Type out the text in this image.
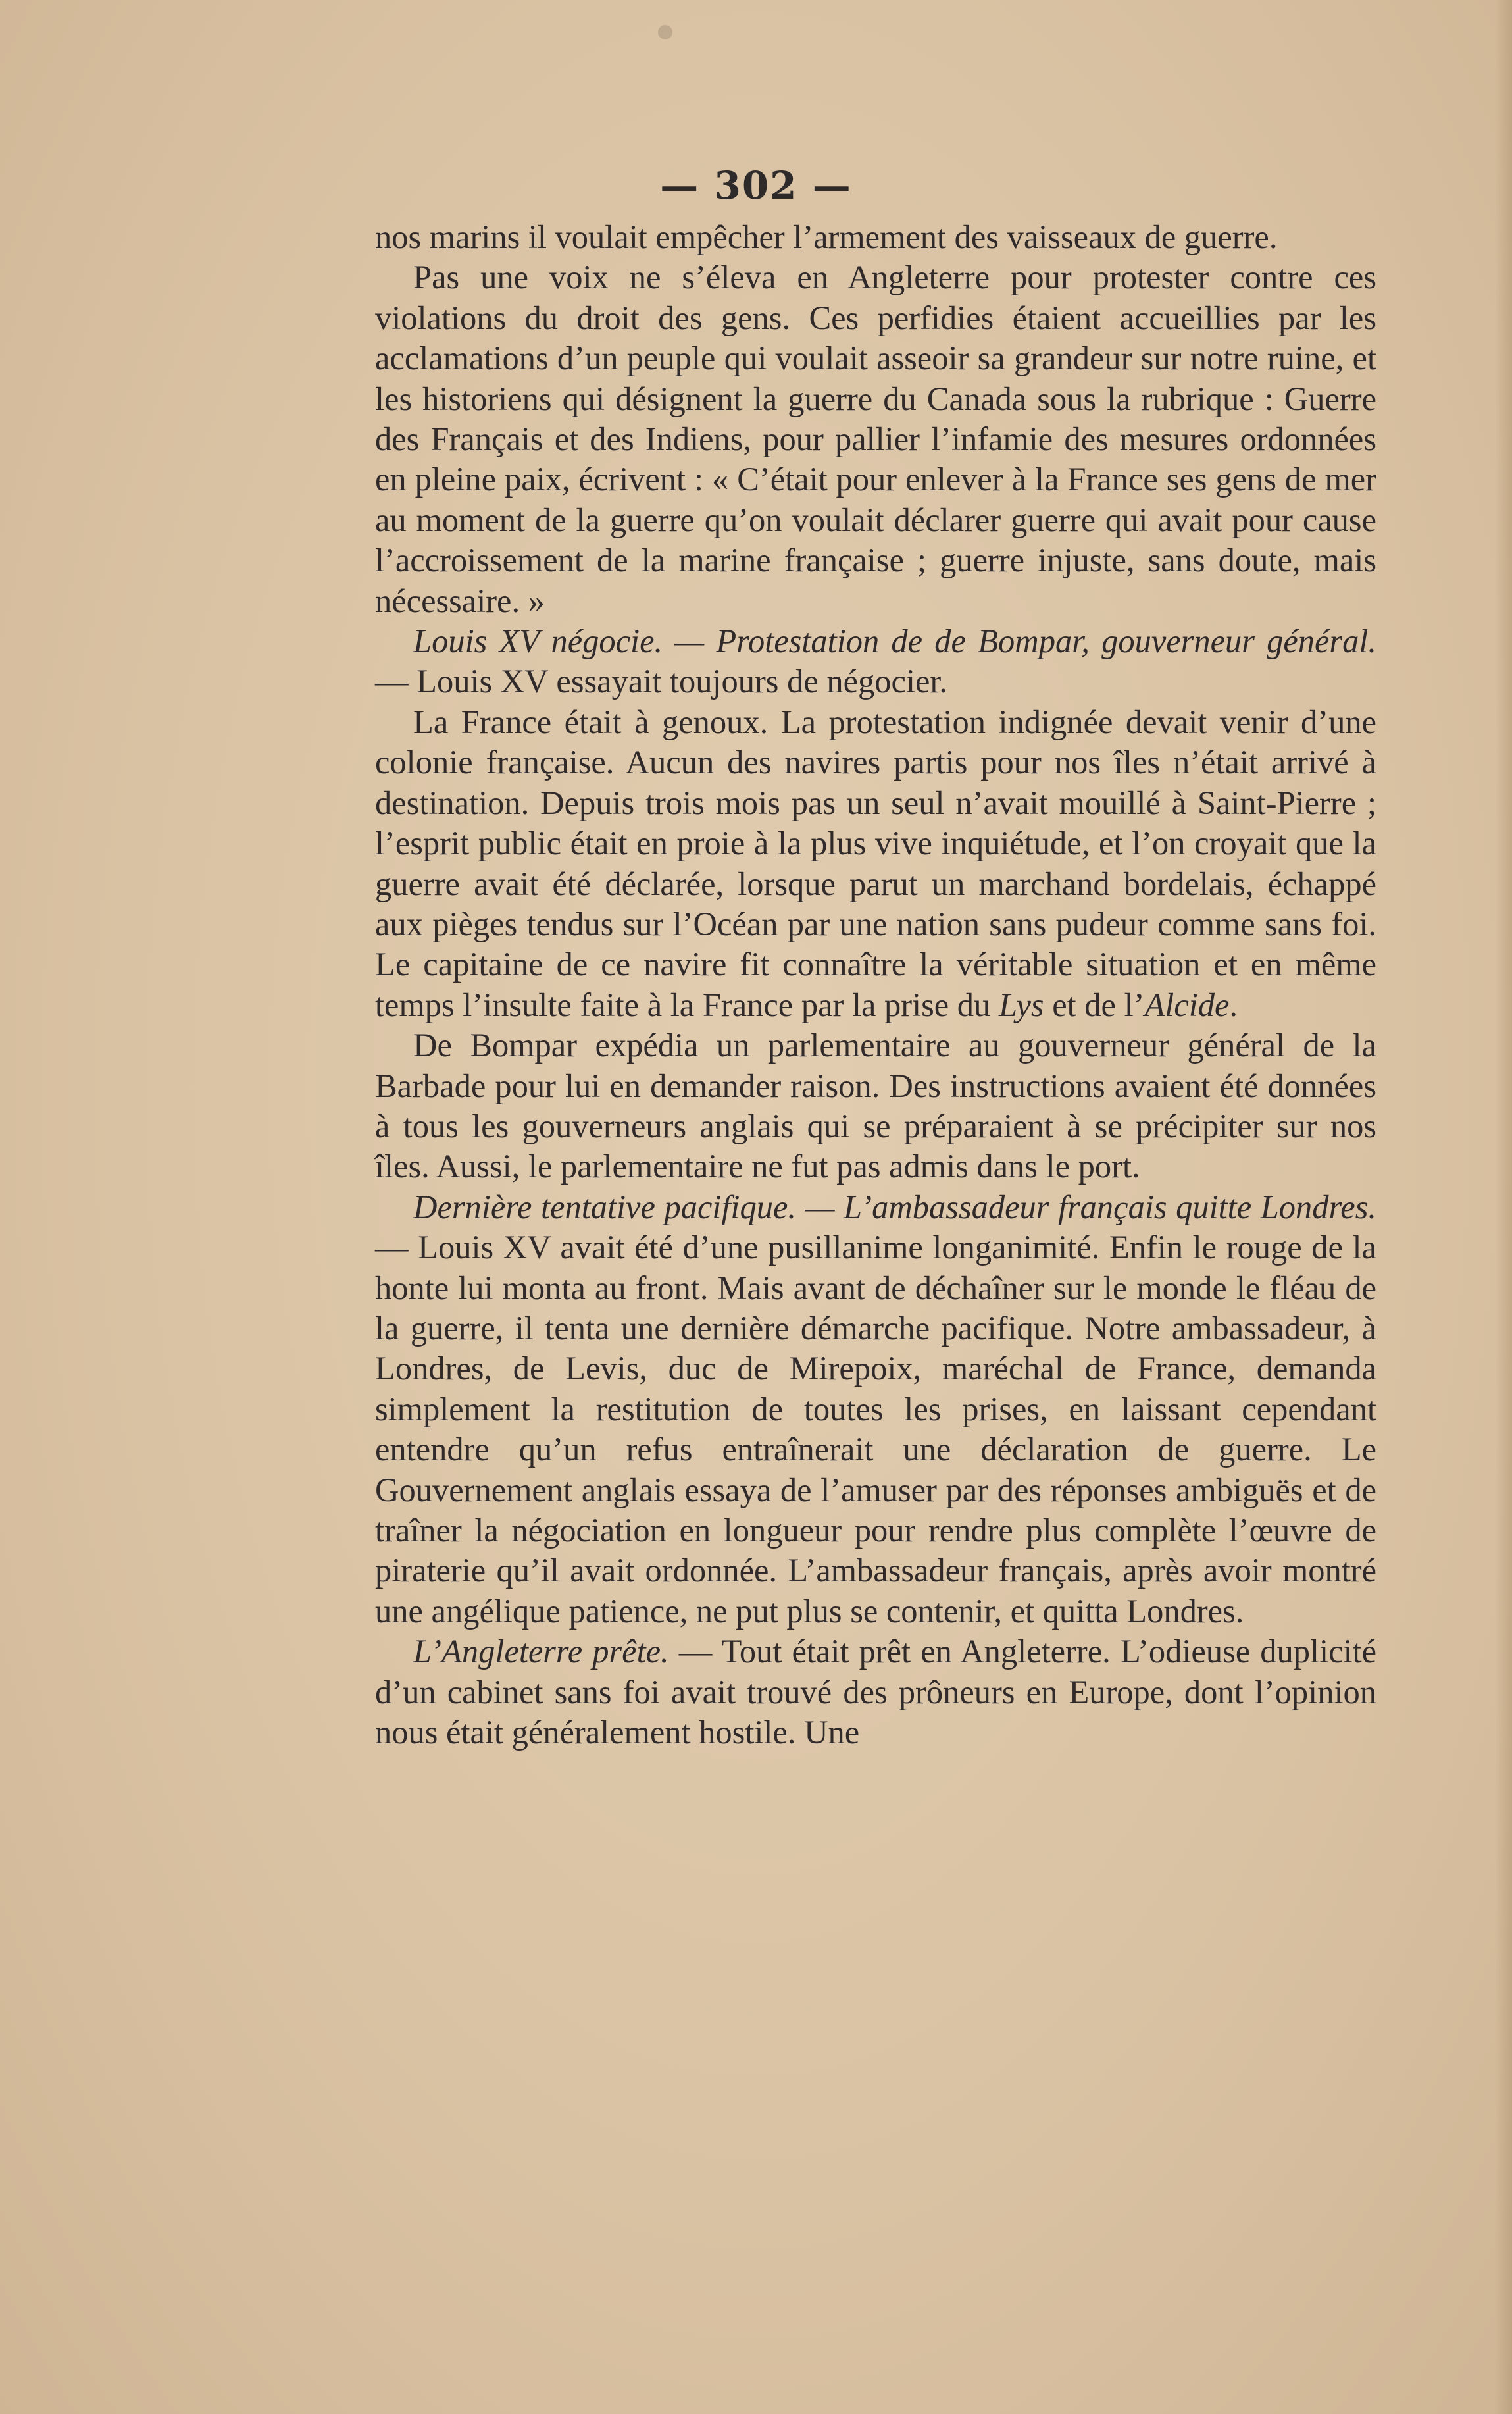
— 302 —

nos marins il voulait empêcher l’armement des vaisseaux de guerre.

Pas une voix ne s’éleva en Angleterre pour protester contre ces violations du droit des gens. Ces perfidies étaient accueillies par les acclamations d’un peuple qui voulait asseoir sa grandeur sur notre ruine, et les historiens qui désignent la guerre du Canada sous la rubrique : Guerre des Français et des Indiens, pour pallier l’infamie des mesures ordonnées en pleine paix, écrivent : « C’était pour enlever à la France ses gens de mer au moment de la guerre qu’on voulait déclarer guerre qui avait pour cause l’accroissement de la marine française ; guerre injuste, sans doute, mais nécessaire. »

Louis XV négocie. — Protestation de de Bompar, gouverneur général. — Louis XV essayait toujours de négocier.

La France était à genoux. La protestation indignée devait venir d’une colonie française. Aucun des navires partis pour nos îles n’était arrivé à destination. Depuis trois mois pas un seul n’avait mouillé à Saint-Pierre ; l’esprit public était en proie à la plus vive inquiétude, et l’on croyait que la guerre avait été déclarée, lorsque parut un marchand bordelais, échappé aux pièges tendus sur l’Océan par une nation sans pudeur comme sans foi. Le capitaine de ce navire fit connaître la véritable situation et en même temps l’insulte faite à la France par la prise du Lys et de l’Alcide.

De Bompar expédia un parlementaire au gouverneur général de la Barbade pour lui en demander raison. Des instructions avaient été données à tous les gouverneurs anglais qui se préparaient à se précipiter sur nos îles. Aussi, le parlementaire ne fut pas admis dans le port.

Dernière tentative pacifique. — L’ambassadeur français quitte Londres. — Louis XV avait été d’une pusillanime longanimité. Enfin le rouge de la honte lui monta au front. Mais avant de déchaîner sur le monde le fléau de la guerre, il tenta une dernière démarche pacifique. Notre ambassadeur, à Londres, de Levis, duc de Mirepoix, maréchal de France, demanda simplement la restitution de toutes les prises, en laissant cependant entendre qu’un refus entraînerait une déclaration de guerre. Le Gouvernement anglais essaya de l’amuser par des réponses ambiguës et de traîner la négociation en longueur pour rendre plus complète l’œuvre de piraterie qu’il avait ordonnée. L’ambassadeur français, après avoir montré une angélique patience, ne put plus se contenir, et quitta Londres.

L’Angleterre prête. — Tout était prêt en Angleterre. L’odieuse duplicité d’un cabinet sans foi avait trouvé des prôneurs en Europe, dont l’opinion nous était généralement hostile. Une
